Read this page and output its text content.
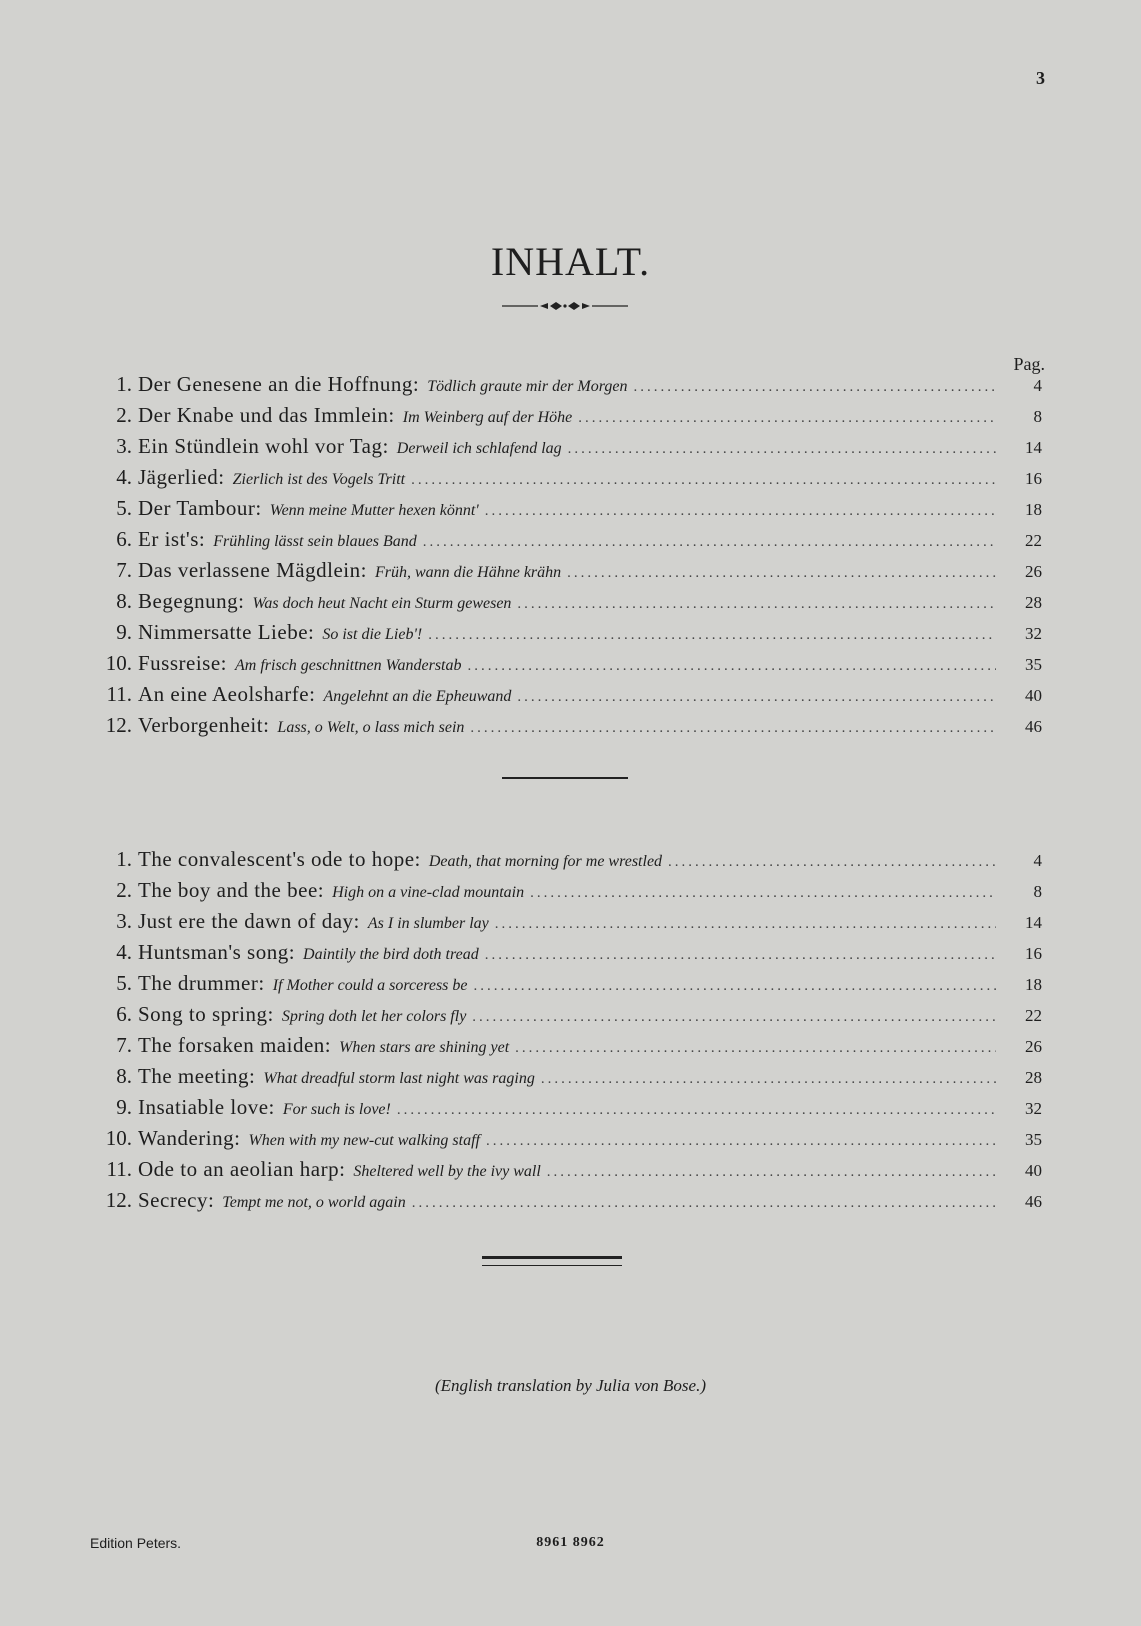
3
INHALT.
Pag.
1. Der Genesene an die Hoffnung: Tödlich graute mir der Morgen .....	4
2. Der Knabe und das Immlein: Im Weinberg auf der Höhe .....	8
3. Ein Stündlein wohl vor Tag: Derweil ich schlafend lag .....	14
4. Jägerlied: Zierlich ist des Vogels Tritt .....	16
5. Der Tambour: Wenn meine Mutter hexen könnt' .....	18
6. Er ist's: Frühling lässt sein blaues Band .....	22
7. Das verlassene Mägdlein: Früh, wann die Hähne krähn .....	26
8. Begegnung: Was doch heut Nacht ein Sturm gewesen .....	28
9. Nimmersatte Liebe: So ist die Lieb'! .....	32
10. Fussreise: Am frisch geschnittnen Wanderstab .....	35
11. An eine Aeolsharfe: Angelehnt an die Epheuwand .....	40
12. Verborgenheit: Lass, o Welt, o lass mich sein .....	46
1. The convalescent's ode to hope: Death, that morning for me wrestled .....	4
2. The boy and the bee: High on a vine-clad mountain .....	8
3. Just ere the dawn of day: As I in slumber lay .....	14
4. Huntsman's song: Daintily the bird doth tread .....	16
5. The drummer: If Mother could a sorceress be .....	18
6. Song to spring: Spring doth let her colors fly .....	22
7. The forsaken maiden: When stars are shining yet .....	26
8. The meeting: What dreadful storm last night was raging .....	28
9. Insatiable love: For such is love! .....	32
10. Wandering: When with my new-cut walking staff .....	35
11. Ode to an aeolian harp: Sheltered well by the ivy wall .....	40
12. Secrecy: Tempt me not, o world again .....	46
(English translation by Julia von Bose.)
Edition Peters.	8961 8962
